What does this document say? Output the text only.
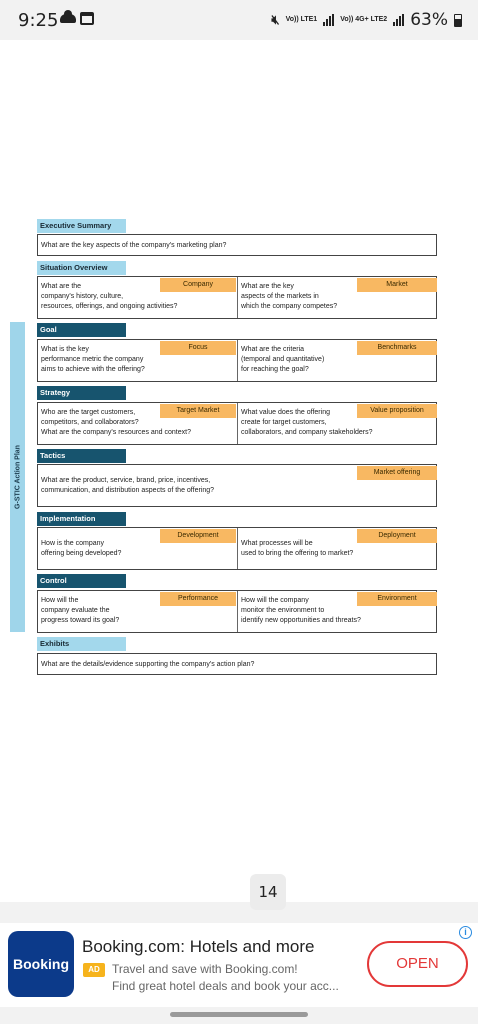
9:25	🔇︎ Vo)) LTE1	Vo)) 4G+ LTE2 63%
G-STIC Action Plan
Executive Summary
What are the key aspects of the company's marketing plan?
Situation Overview
Company
What are the
company's history, culture,
resources, offerings, and ongoing activities?
Market
What are the key
aspects of the markets in
which the company competes?
Goal
Focus
What is the key
performance metric the company
aims to achieve with the offering?
Benchmarks
What are the criteria
(temporal and quantitative)
for reaching the goal?
Strategy
Target Market
Who are the target customers,
competitors, and collaborators?
What are the company's resources and context?
Value proposition
What value does the offering
create for target customers,
collaborators, and company stakeholders?
Tactics
Market offering
What are the product, service, brand, price, incentives,
communication, and distribution aspects of the offering?
Implementation
Development
How is the company
offering being developed?
Deployment
What processes will be
used to bring the offering to market?
Control
Performance
How will the
company evaluate the
progress toward its goal?
Environment
How will the company
monitor the environment to
identify new opportunities and threats?
Exhibits
What are the details/evidence supporting the company's action plan?
14
Booking
Booking.com: Hotels and more
AD	Travel and save with Booking.com!
Find great hotel deals and book your acc...
i
OPEN
